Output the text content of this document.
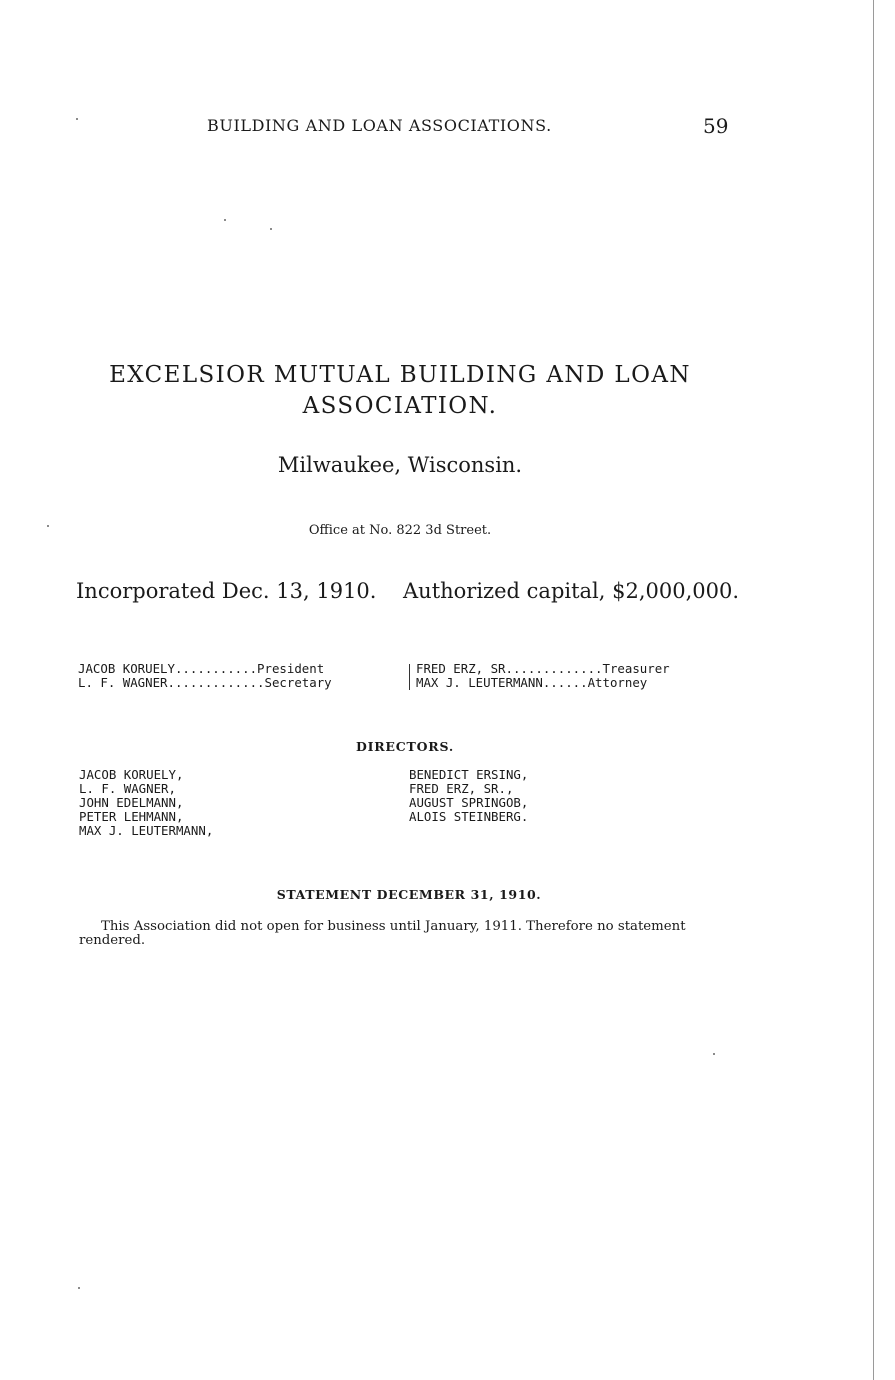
BUILDING AND LOAN ASSOCIATIONS.	59
EXCELSIOR MUTUAL BUILDING AND LOAN
ASSOCIATION.
Milwaukee, Wisconsin.
Office at No. 822 3d Street.
Incorporated Dec. 13, 1910. Authorized capital, $2,000,000.
JACOB KORUELY...........President
L. F. WAGNER.............Secretary
FRED ERZ, SR.............Treasurer
MAX J. LEUTERMANN......Attorney
DIRECTORS.
JACOB KORUELY,
L. F. WAGNER,
JOHN EDELMANN,
PETER LEHMANN,
MAX J. LEUTERMANN,
BENEDICT ERSING,
FRED ERZ, SR.,
AUGUST SPRINGOB,
ALOIS STEINBERG.
STATEMENT DECEMBER 31, 1910.
This Association did not open for business until January, 1911. Therefore no statement rendered.
